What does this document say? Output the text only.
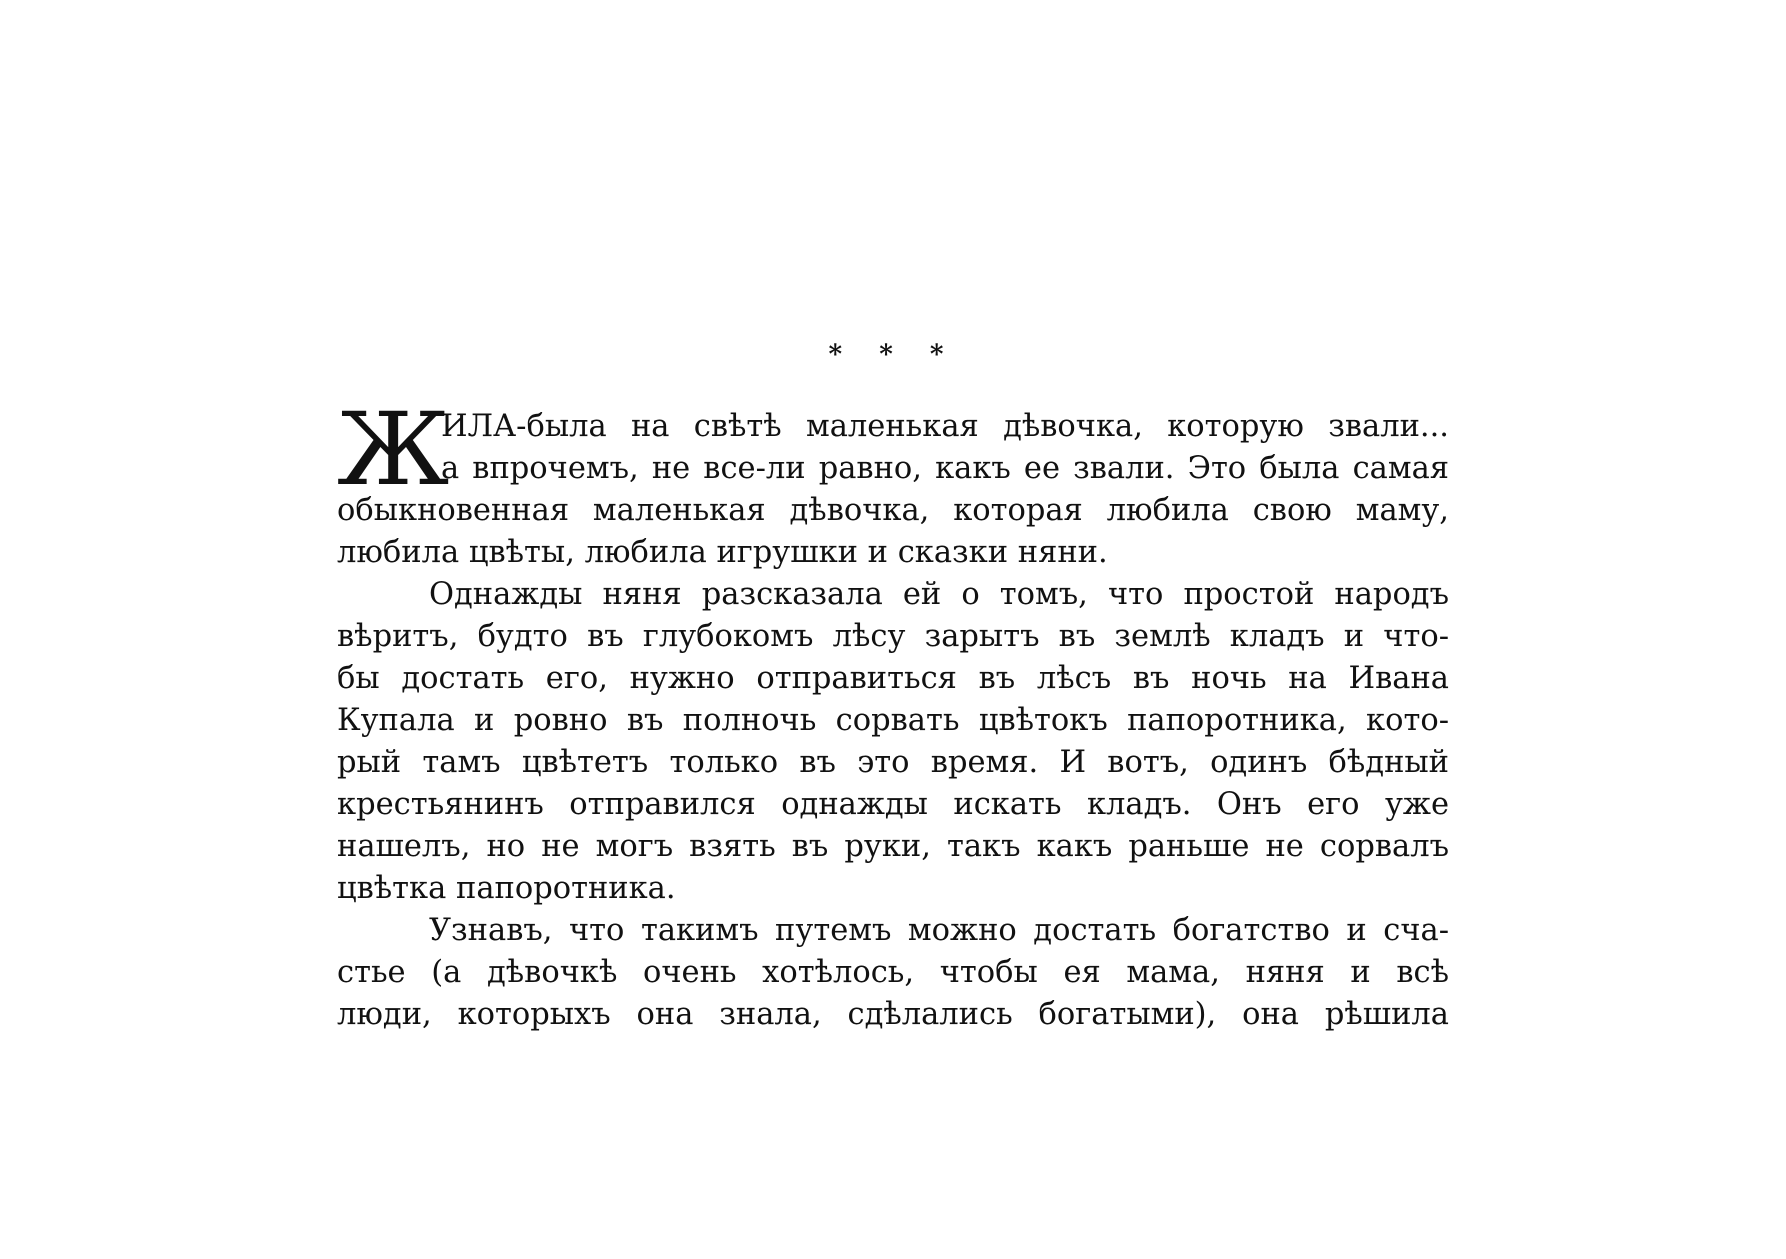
* * *
Ж
ИЛА-была на свѣтѣ маленькая дѣвочка, которую звали...
а впрочемъ, не все-ли равно, какъ ее звали. Это была самая
обыкновенная маленькая дѣвочка, которая любила свою маму,
любила цвѣты, любила игрушки и сказки няни.
Однажды няня разсказала ей о томъ, что простой народъ
вѣритъ, будто въ глубокомъ лѣсу зарытъ въ землѣ кладъ и что-
бы достать его, нужно отправиться въ лѣсъ въ ночь на Ивана
Купала и ровно въ полночь сорвать цвѣтокъ папоротника, кото-
рый тамъ цвѣтетъ только въ это время. И вотъ, одинъ бѣдный
крестьянинъ отправился однажды искать кладъ. Онъ его уже
нашелъ, но не могъ взять въ руки, такъ какъ раньше не сорвалъ
цвѣтка папоротника.
Узнавъ, что такимъ путемъ можно достать богатство и сча-
стье (а дѣвочкѣ очень хотѣлось, чтобы ея мама, няня и всѣ
люди, которыхъ она знала, сдѣлались богатыми), она рѣшила
